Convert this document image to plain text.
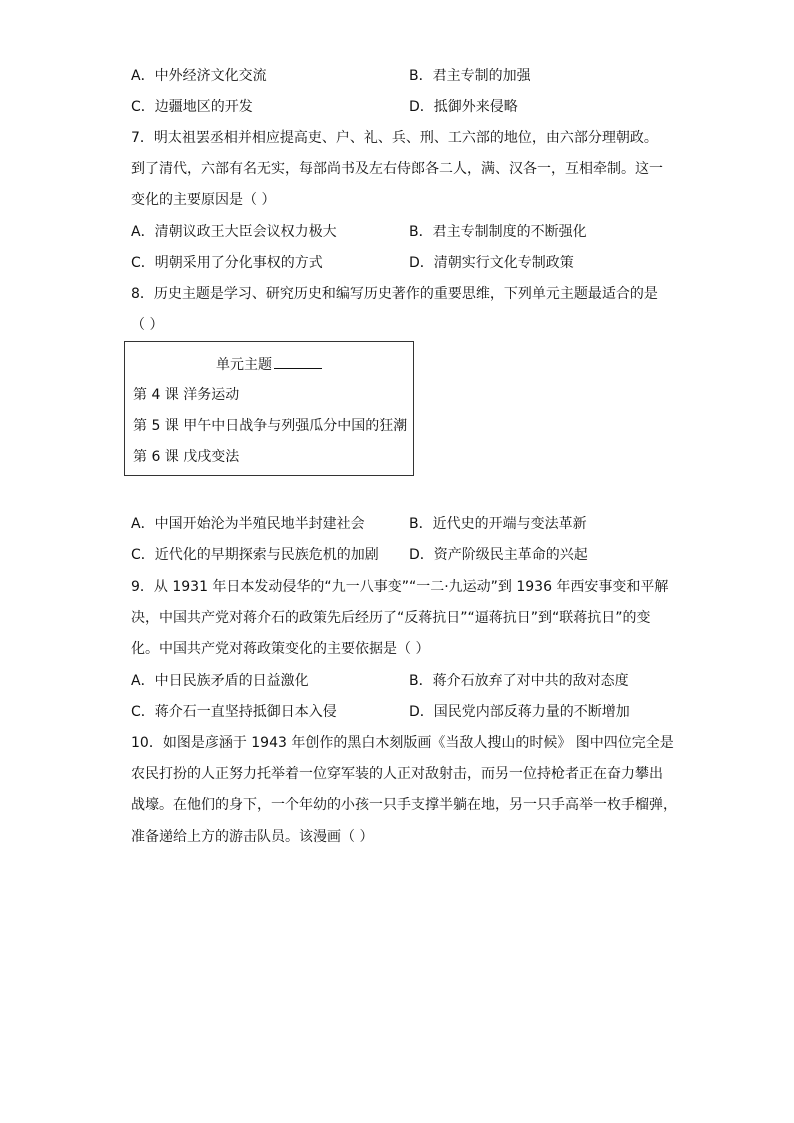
A．中外经济文化交流	B．君主专制的加强
C．边疆地区的开发	D．抵御外来侵略
7．明太祖罢丞相并相应提高吏、户、礼、兵、刑、工六部的地位，由六部分理朝政。
到了清代，六部有名无实，每部尚书及左右侍郎各二人，满、汉各一，互相牵制。这一
变化的主要原因是（ ）
A．清朝议政王大臣会议权力极大	B．君主专制制度的不断强化
C．明朝采用了分化事权的方式	D．清朝实行文化专制政策
8．历史主题是学习、研究历史和编写历史著作的重要思维，下列单元主题最适合的是
（ ）
单元主题
第 4 课 洋务运动
第 5 课 甲午中日战争与列强瓜分中国的狂潮
第 6 课 戊戌变法
A．中国开始沦为半殖民地半封建社会	B．近代史的开端与变法革新
C．近代化的早期探索与民族危机的加剧 D．资产阶级民主革命的兴起
9．从 1931 年日本发动侵华的“九一八事变”“一二·九运动”到 1936 年西安事变和平解
决，中国共产党对蒋介石的政策先后经历了“反蒋抗日”“逼蒋抗日”到“联蒋抗日”的变
化。中国共产党对蒋政策变化的主要依据是（ ）
A．中日民族矛盾的日益激化	B．蒋介石放弃了对中共的敌对态度
C．蒋介石一直坚持抵御日本入侵	D．国民党内部反蒋力量的不断增加
10．如图是彦涵于 1943 年创作的黑白木刻版画《当敌人搜山的时候》 图中四位完全是
农民打扮的人正努力托举着一位穿军装的人正对敌射击，而另一位持枪者正在奋力攀出
战壕。在他们的身下，一个年幼的小孩一只手支撑半躺在地，另一只手高举一枚手榴弹，
准备递给上方的游击队员。该漫画（ ）
